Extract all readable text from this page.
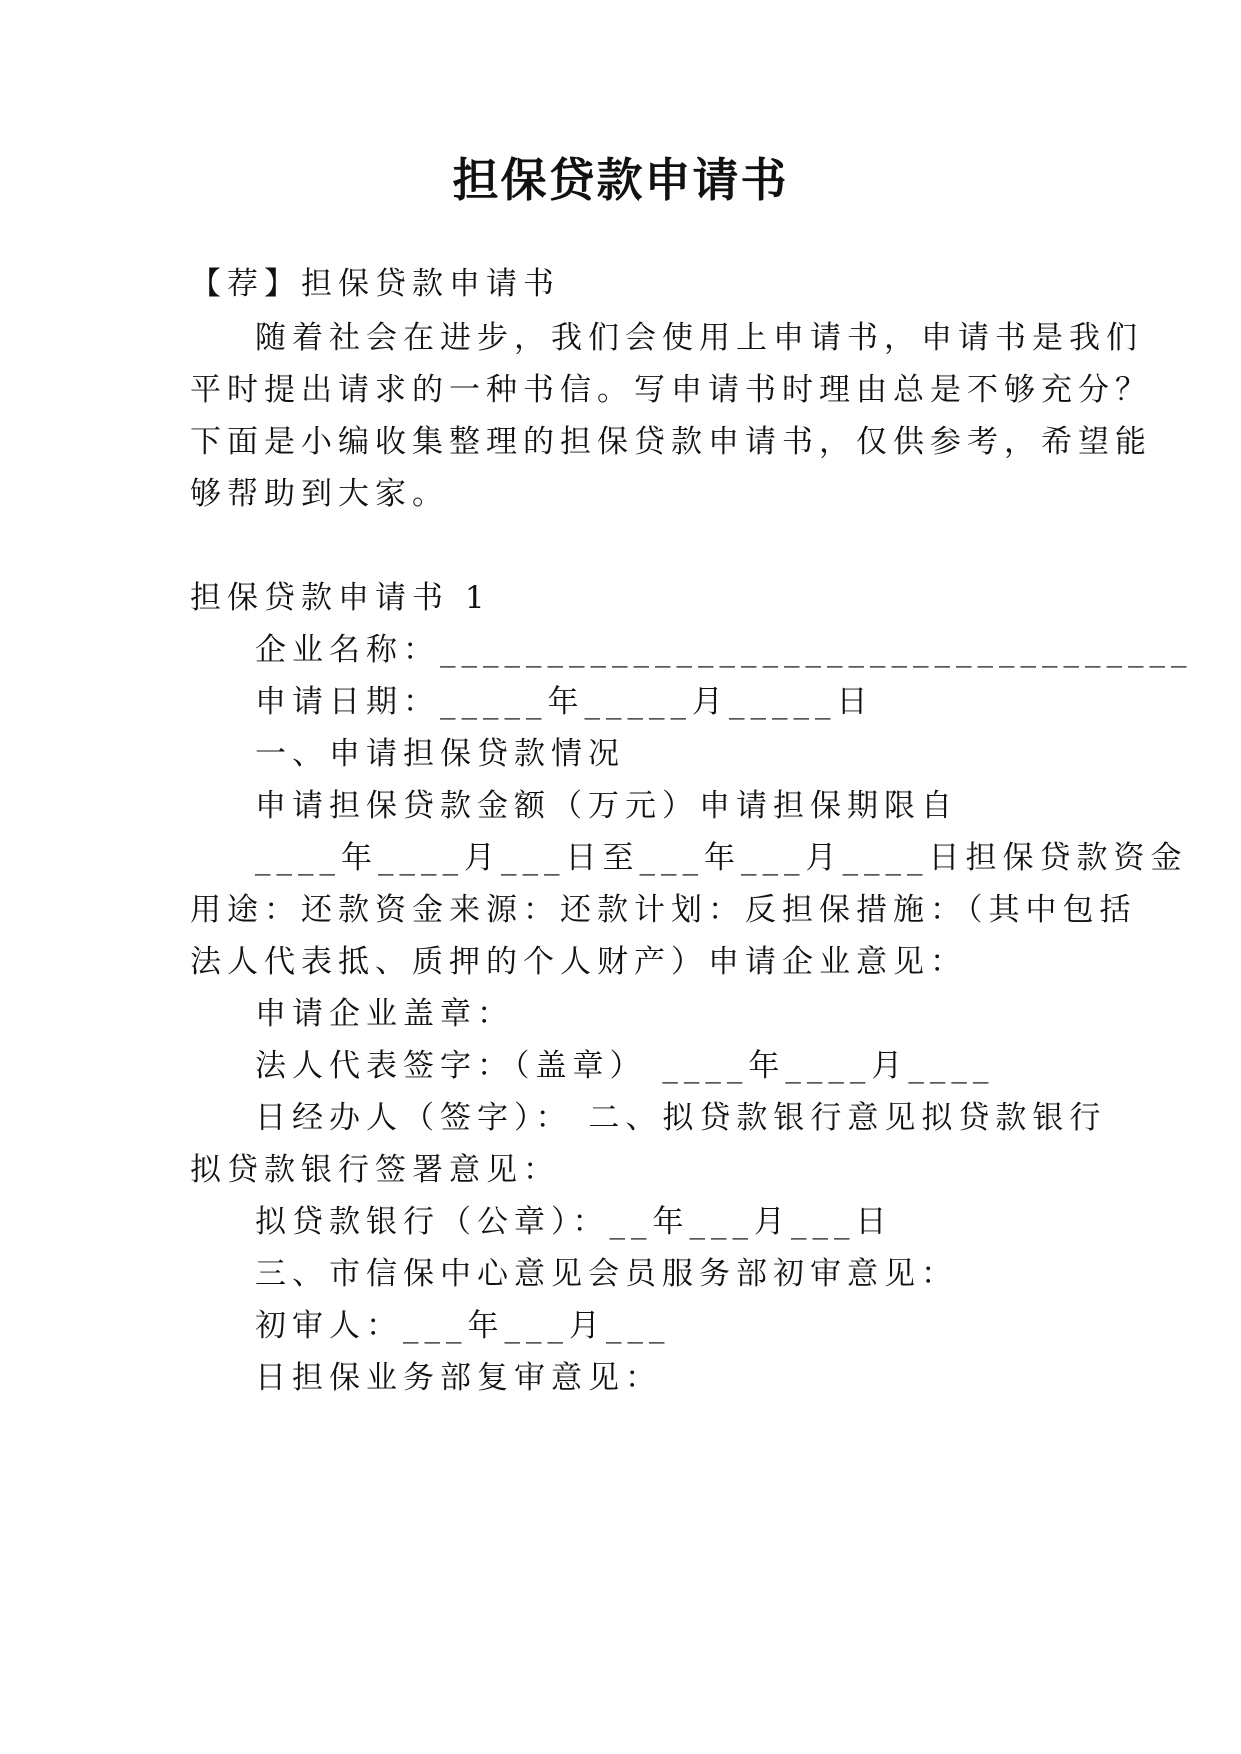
担保贷款申请书
【荐】担保贷款申请书
随着社会在进步，我们会使用上申请书，申请书是我们
平时提出请求的一种书信。写申请书时理由总是不够充分？
下面是小编收集整理的担保贷款申请书，仅供参考，希望能
够帮助到大家。
担保贷款申请书 1
企业名称：___________________________________
申请日期：_____年_____月_____日
一、申请担保贷款情况
申请担保贷款金额（万元）申请担保期限自
____年____月___日至___年___月____日担保贷款资金
用途：还款资金来源：还款计划：反担保措施：（其中包括
法人代表抵、质押的个人财产）申请企业意见：
申请企业盖章：
法人代表签字：（盖章） ____年____月____
日经办人（签字）： 二、拟贷款银行意见拟贷款银行
拟贷款银行签署意见：
拟贷款银行（公章）：__年___月___日
三、市信保中心意见会员服务部初审意见：
初审人：___年___月___
日担保业务部复审意见：
